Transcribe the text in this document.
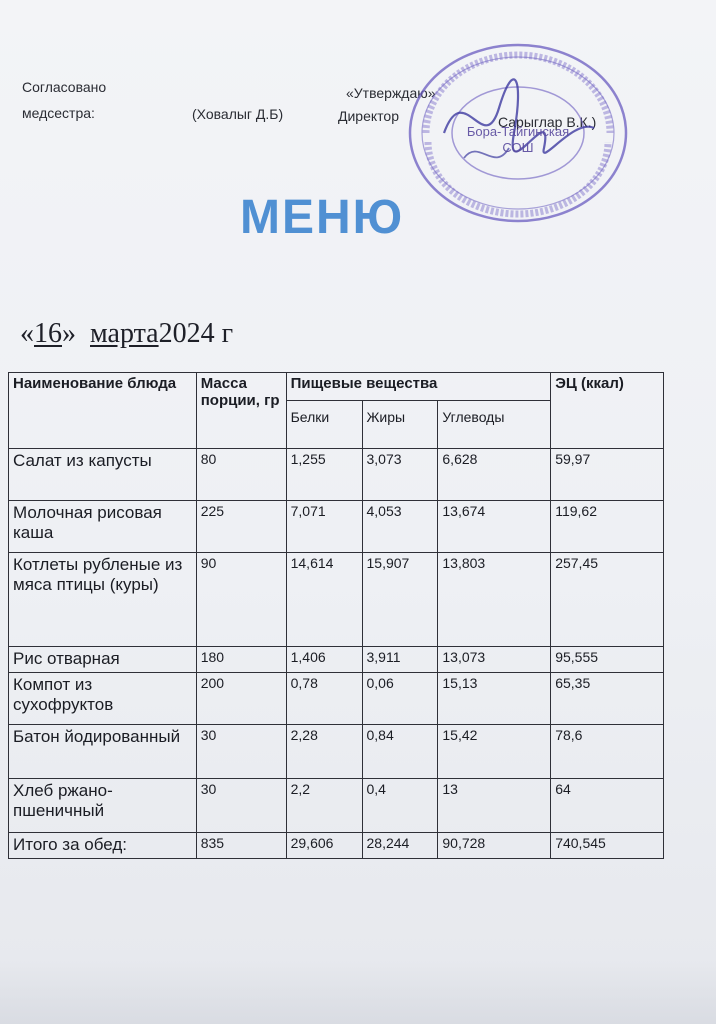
Согласовано
медсестра:	(Ховалыг Д.Б)
«Утверждаю»
Директор	Сарыглар В.К.)
Бора-Тайгинская
СОШ
МЕНЮ
«16» марта2024 г
Наименование блюда	Масса порции, гр	Пищевые вещества			ЭЦ (ккал)
		Белки	Жиры	Углеводы	
Салат из капусты	80	1,255	3,073	6,628	59,97
Молочная рисовая каша	225	7,071	4,053	13,674	119,62
Котлеты рубленые из мяса птицы (куры)	90	14,614	15,907	13,803	257,45
Рис отварная	180	1,406	3,911	13,073	95,555
Компот из сухофруктов	200	0,78	0,06	15,13	65,35
Батон йодированный	30	2,28	0,84	15,42	78,6
Хлеб ржано-пшеничный	30	2,2	0,4	13	64
Итого за обед:	835	29,606	28,244	90,728	740,545
